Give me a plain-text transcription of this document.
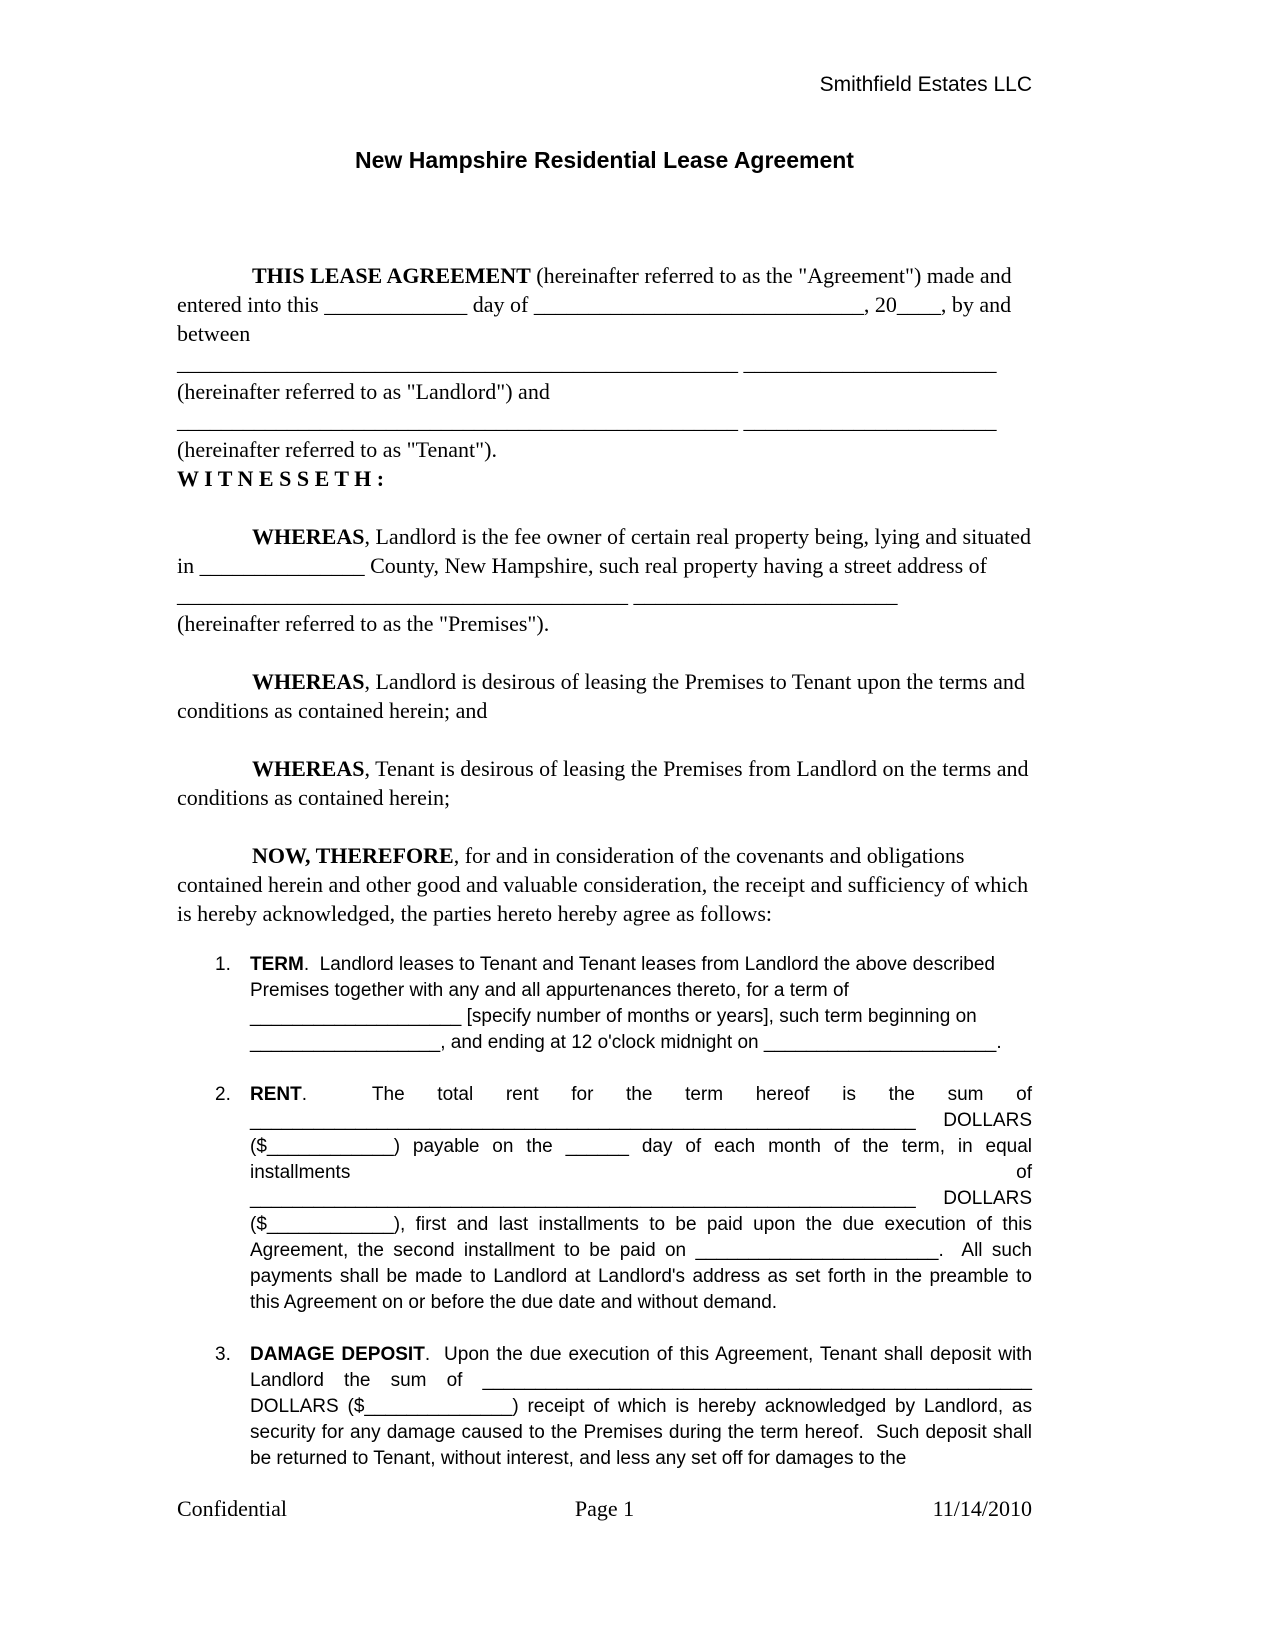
Smithfield Estates LLC
New Hampshire Residential Lease Agreement

THIS LEASE AGREEMENT (hereinafter referred to as the "Agreement") made and entered into this _____________ day of ______________________________, 20____, by and between

___________________________________________________ _______________________

(hereinafter referred to as "Landlord") and

___________________________________________________ _______________________

(hereinafter referred to as "Tenant").

W I T N E S S E T H :

WHEREAS, Landlord is the fee owner of certain real property being, lying and situated in _______________ County, New Hampshire, such real property having a street address of _________________________________________ ________________________

(hereinafter referred to as the "Premises").

WHEREAS, Landlord is desirous of leasing the Premises to Tenant upon the terms and conditions as contained herein; and

WHEREAS, Tenant is desirous of leasing the Premises from Landlord on the terms and conditions as contained herein;

NOW, THEREFORE, for and in consideration of the covenants and obligations contained herein and other good and valuable consideration, the receipt and sufficiency of which is hereby acknowledged, the parties hereto hereby agree as follows:

1.	TERM.  Landlord leases to Tenant and Tenant leases from Landlord the above described Premises together with any and all appurtenances thereto, for a term of ____________________ [specify number of months or years], such term beginning on __________________, and ending at 12 o'clock midnight on ______________________.
2.	RENT.  The total rent for the term hereof is the sum of _______________________________________________________________ DOLLARS ($____________) payable on the ______ day of each month of the term, in equal installments of _______________________________________________________________ DOLLARS ($____________), first and last installments to be paid upon the due execution of this Agreement, the second installment to be paid on _______________________.  All such payments shall be made to Landlord at Landlord's address as set forth in the preamble to this Agreement on or before the due date and without demand.
3.	DAMAGE DEPOSIT.  Upon the due execution of this Agreement, Tenant shall deposit with Landlord the sum of ____________________________________________________ DOLLARS ($______________) receipt of which is hereby acknowledged by Landlord, as security for any damage caused to the Premises during the term hereof.  Such deposit shall be returned to Tenant, without interest, and less any set off for damages to the
Confidential	Page 1	11/14/2010
